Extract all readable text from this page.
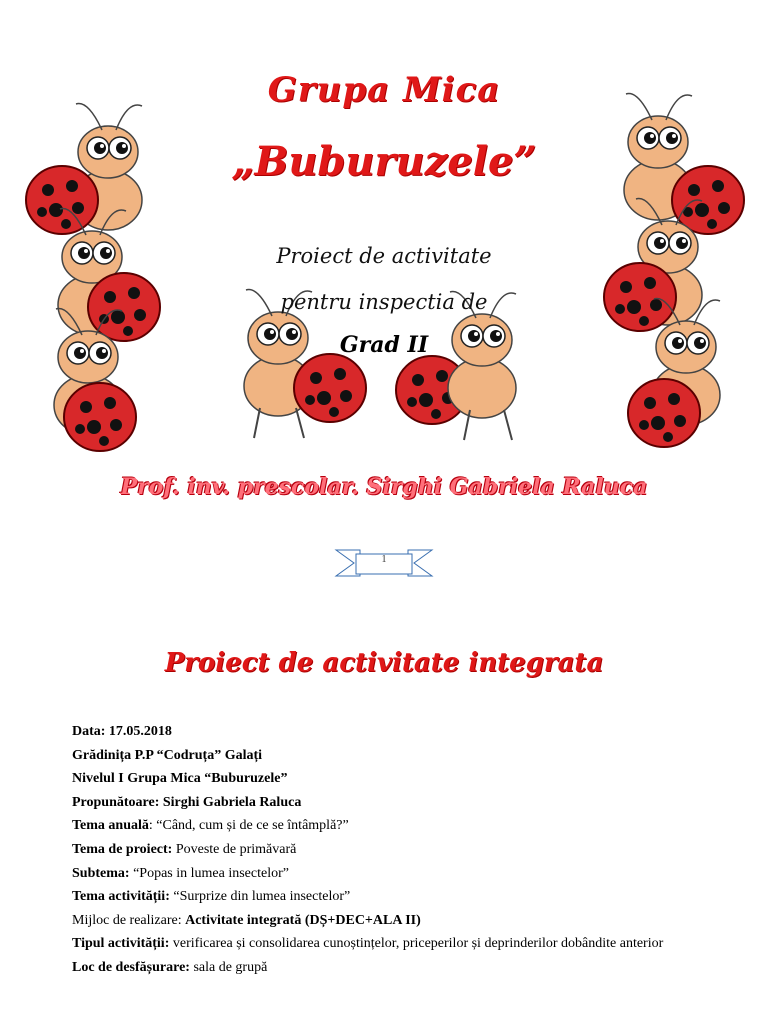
Grupa Mica
„Buburuzele”
Proiect de activitate
pentru inspectia de
Grad II
Prof. inv. prescolar. Sirghi Gabriela Raluca
1
Proiect de activitate integrata
Data: 17.05.2018
Grădinița P.P “Codruța” Galați
Nivelul I Grupa Mica “Buburuzele”
Propunătoare: Sirghi Gabriela Raluca
Tema anuală: “Când, cum și de ce se întâmplă?”
Tema de proiect: Poveste de primăvară
Subtema: “Popas in lumea insectelor”
Tema activității: “Surprize din lumea insectelor”
Mijloc de realizare: Activitate integrată (DȘ+DEC+ALA II)
Tipul activității: verificarea și consolidarea cunoștințelor, priceperilor și deprinderilor dobândite anterior
Loc de desfășurare: sala de grupă
